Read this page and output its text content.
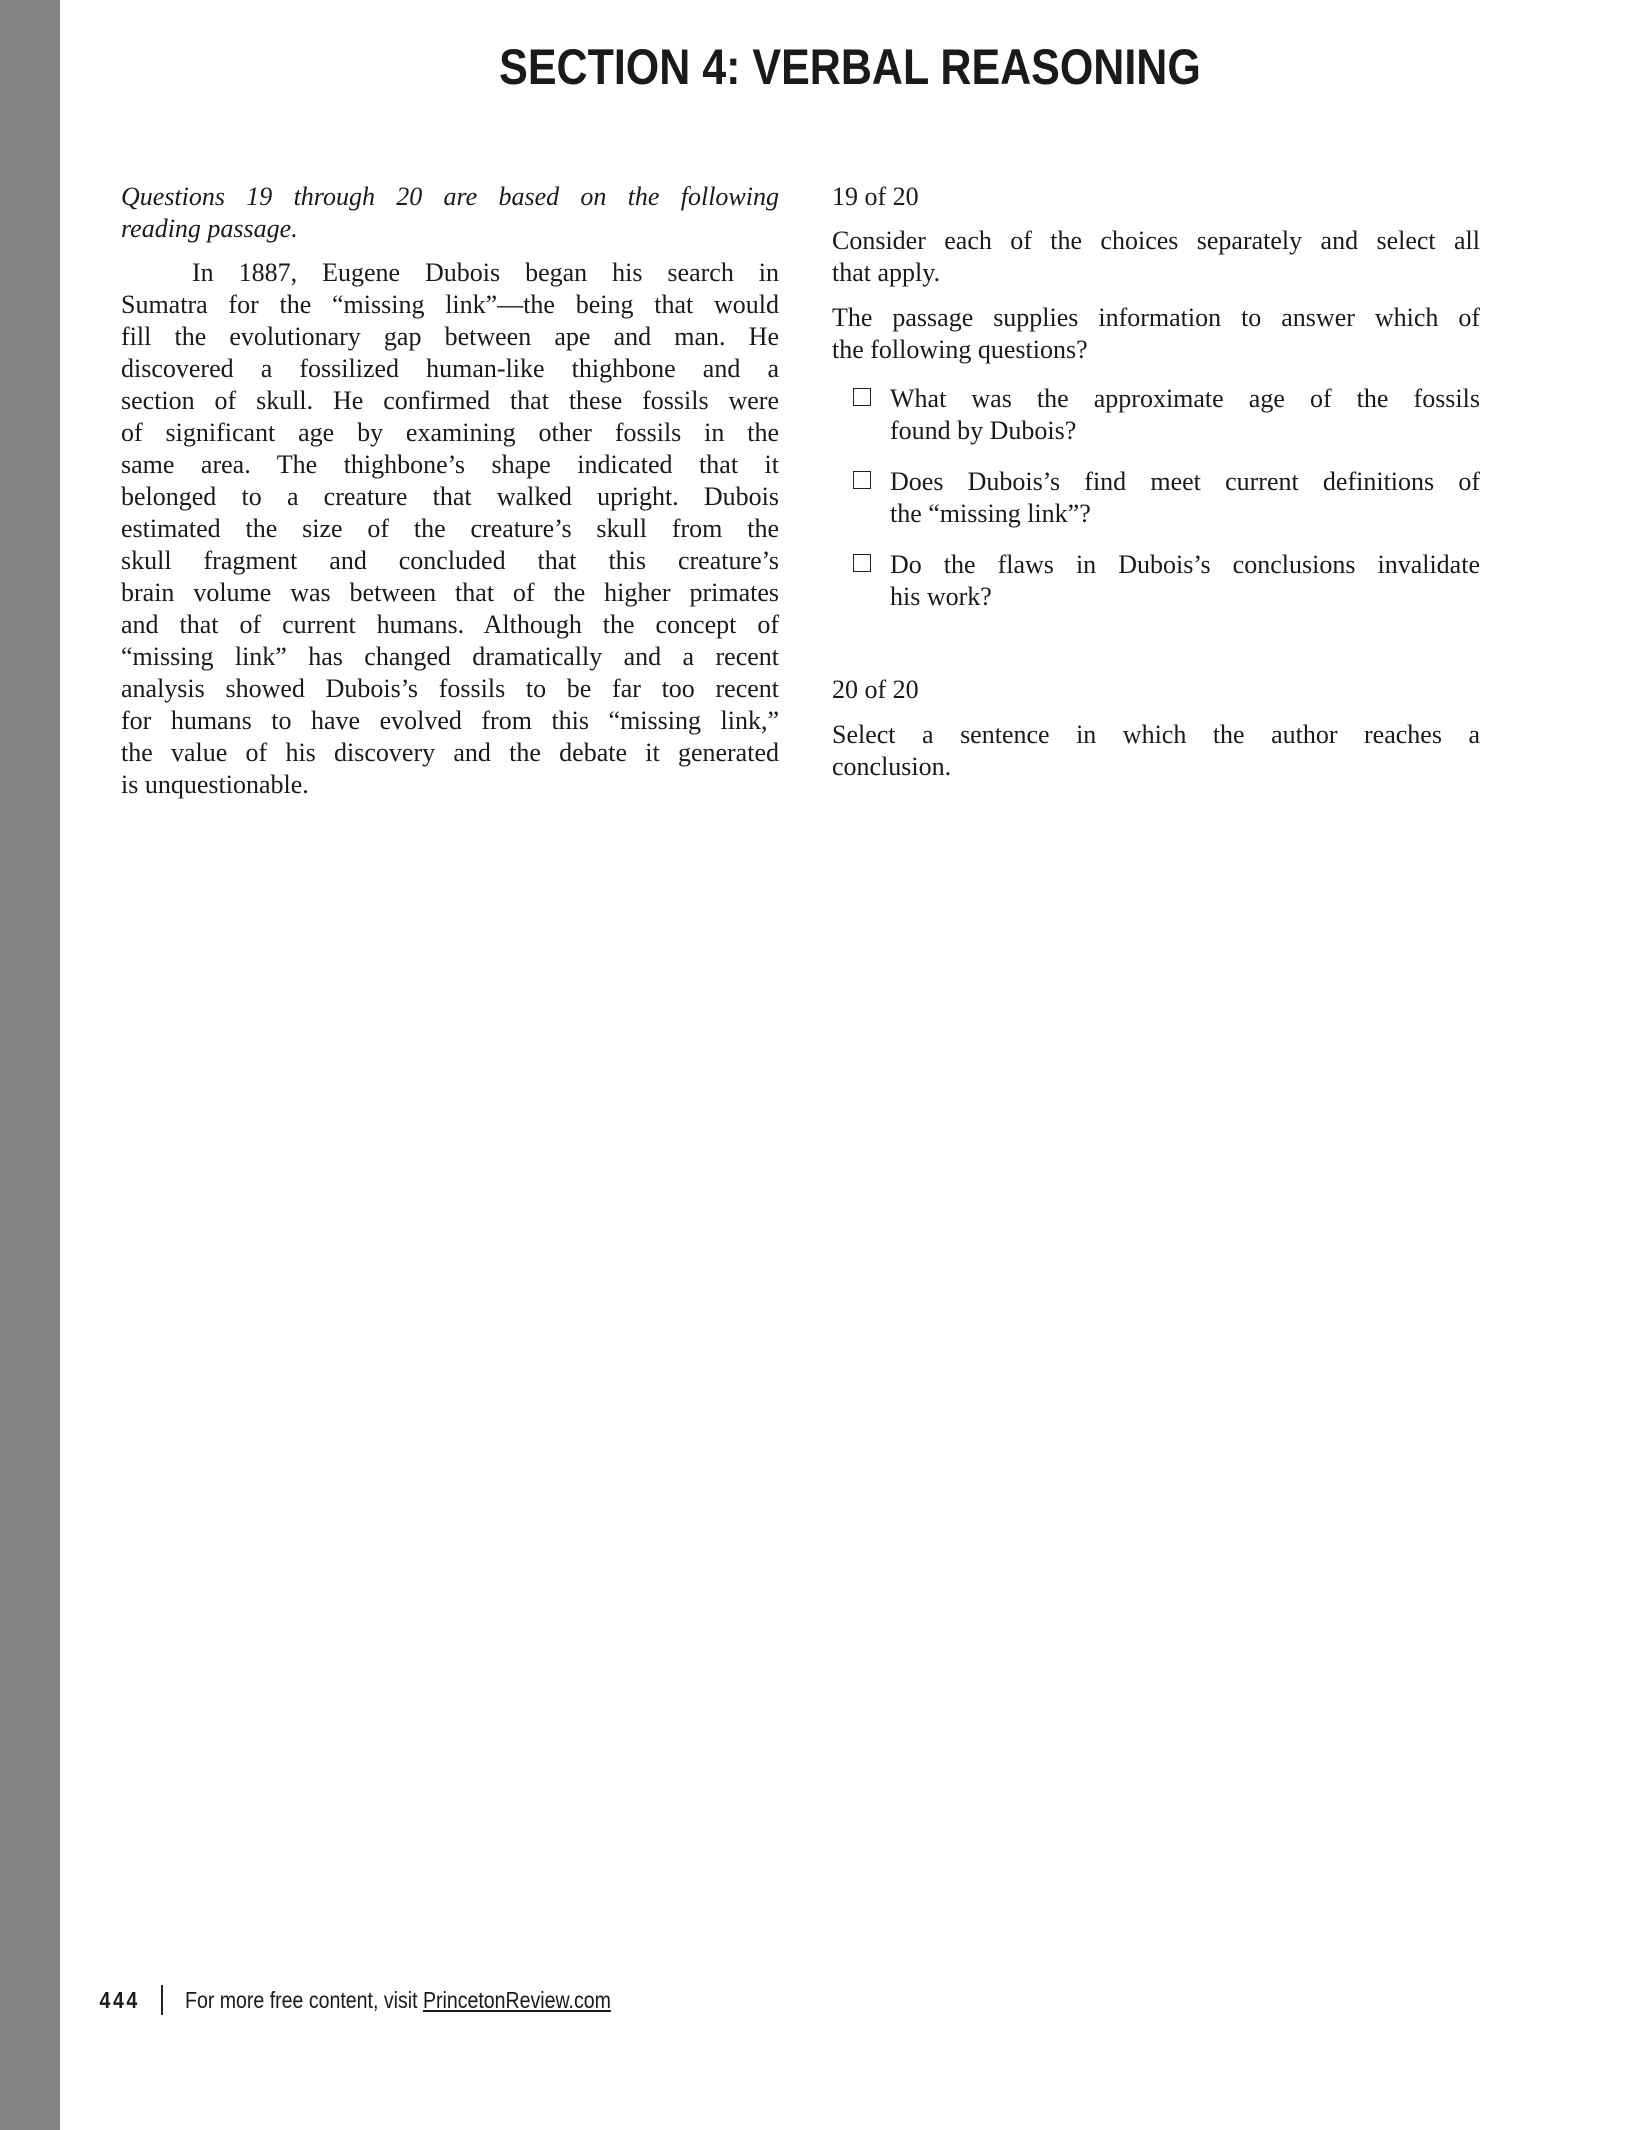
SECTION 4: VERBAL REASONING
Questions 19 through 20 are based on the following
reading passage.
In 1887, Eugene Dubois began his search in
Sumatra for the “missing link”—the being that would
fill the evolutionary gap between ape and man. He
discovered a fossilized human-like thighbone and a
section of skull. He confirmed that these fossils were
of significant age by examining other fossils in the
same area. The thighbone’s shape indicated that it
belonged to a creature that walked upright. Dubois
estimated the size of the creature’s skull from the
skull fragment and concluded that this creature’s
brain volume was between that of the higher primates
and that of current humans. Although the concept of
“missing link” has changed dramatically and a recent
analysis showed Dubois’s fossils to be far too recent
for humans to have evolved from this “missing link,”
the value of his discovery and the debate it generated
is unquestionable.
19 of 20
Consider each of the choices separately and select all
that apply.
The passage supplies information to answer which of
the following questions?
What was the approximate age of the fossils
found by Dubois?
Does Dubois’s find meet current definitions of
the “missing link”?
Do the flaws in Dubois’s conclusions invalidate
his work?
20 of 20
Select a sentence in which the author reaches a
conclusion.
444 For more free content, visit PrincetonReview.com
